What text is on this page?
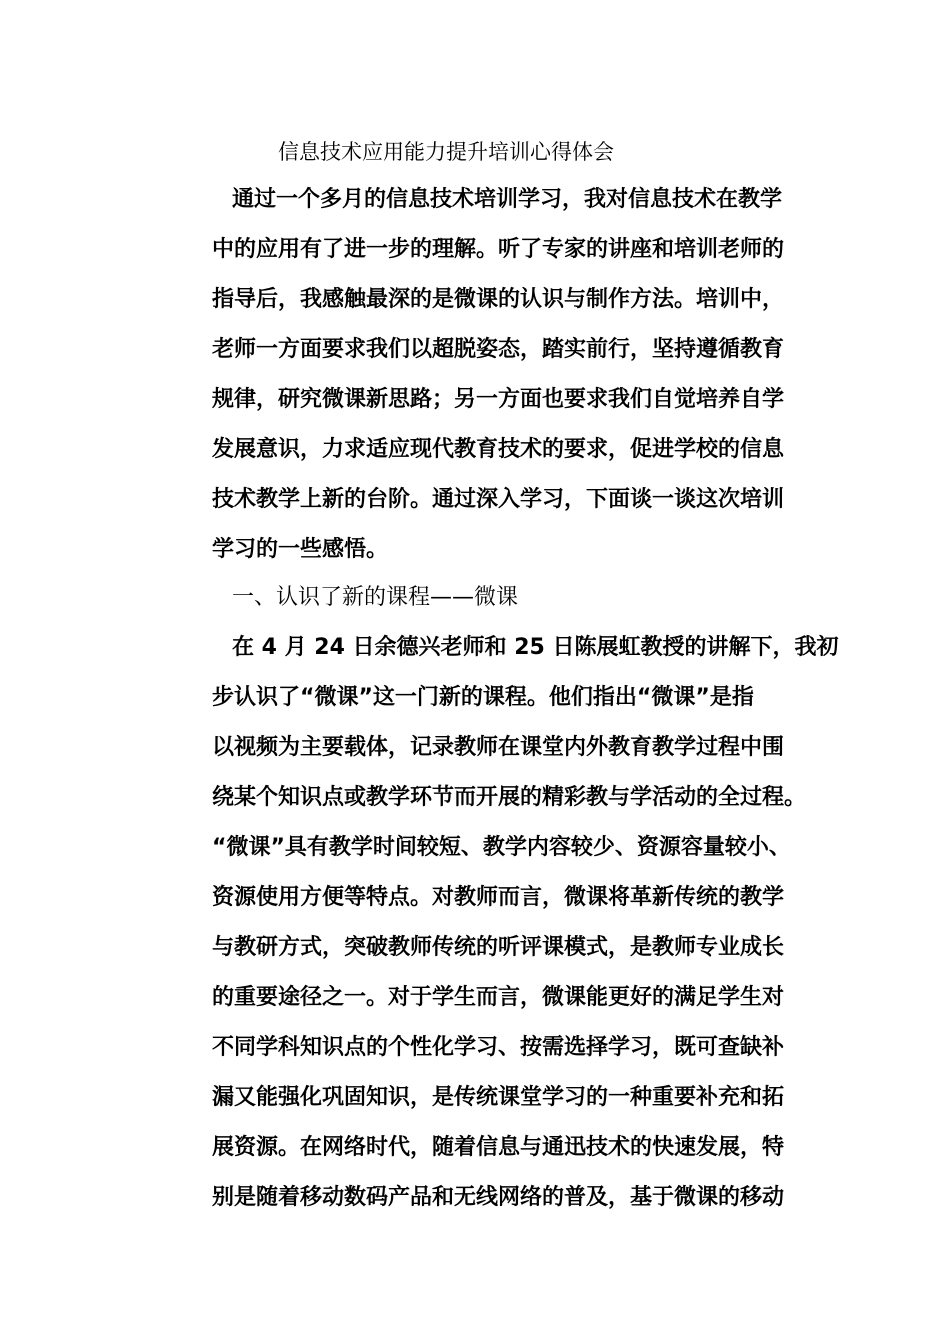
信息技术应用能力提升培训心得体会
通过一个多月的信息技术培训学习，我对信息技术在教学
中的应用有了进一步的理解。听了专家的讲座和培训老师的
指导后，我感触最深的是微课的认识与制作方法。培训中，
老师一方面要求我们以超脱姿态，踏实前行，坚持遵循教育
规律，研究微课新思路；另一方面也要求我们自觉培养自学
发展意识，力求适应现代教育技术的要求，促进学校的信息
技术教学上新的台阶。通过深入学习，下面谈一谈这次培训
学习的一些感悟。
一、认识了新的课程——微课
在 4 月 24 日余德兴老师和 25 日陈展虹教授的讲解下，我初
步认识了“微课”这一门新的课程。他们指出“微课”是指
以视频为主要载体，记录教师在课堂内外教育教学过程中围
绕某个知识点或教学环节而开展的精彩教与学活动的全过程。
“微课”具有教学时间较短、教学内容较少、资源容量较小、
资源使用方便等特点。对教师而言，微课将革新传统的教学
与教研方式，突破教师传统的听评课模式，是教师专业成长
的重要途径之一。对于学生而言，微课能更好的满足学生对
不同学科知识点的个性化学习、按需选择学习，既可查缺补
漏又能强化巩固知识，是传统课堂学习的一种重要补充和拓
展资源。在网络时代，随着信息与通迅技术的快速发展，特
别是随着移动数码产品和无线网络的普及，基于微课的移动
